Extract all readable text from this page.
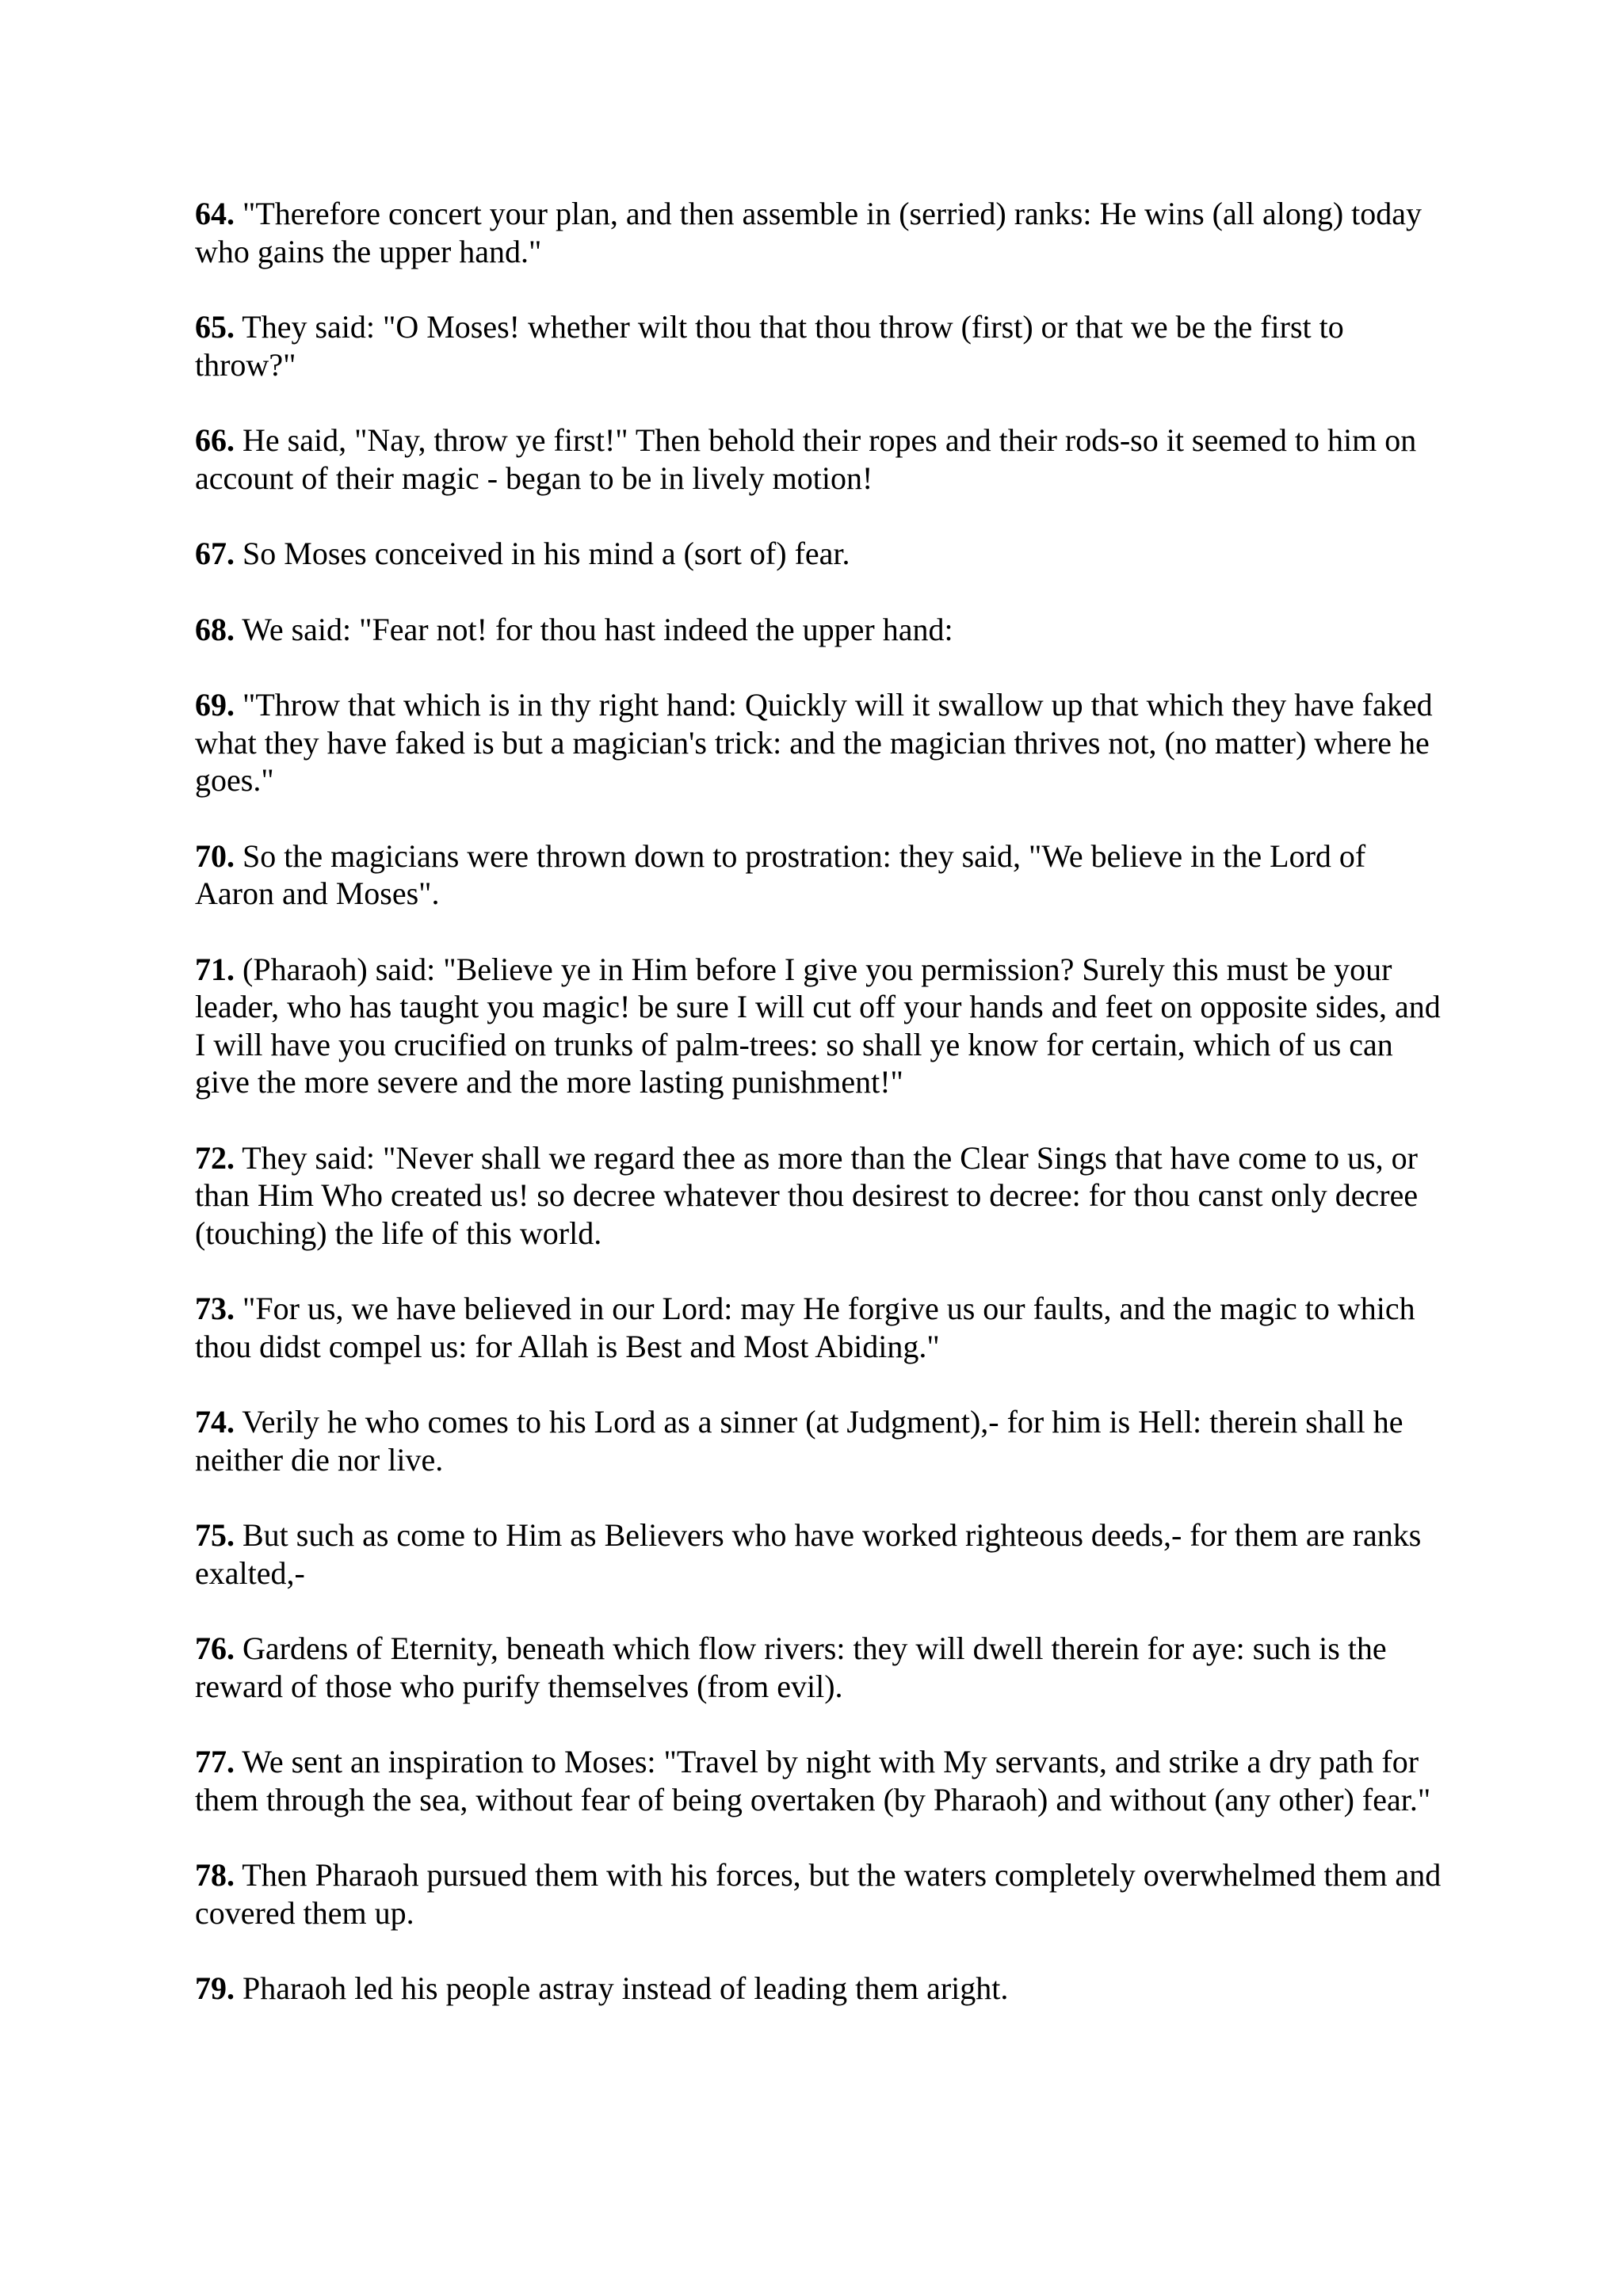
64. "Therefore concert your plan, and then assemble in (serried) ranks: He wins (all along) today who gains the upper hand."

65. They said: "O Moses! whether wilt thou that thou throw (first) or that we be the first to throw?"

66. He said, "Nay, throw ye first!" Then behold their ropes and their rods-so it seemed to him on account of their magic - began to be in lively motion!

67. So Moses conceived in his mind a (sort of) fear.

68. We said: "Fear not! for thou hast indeed the upper hand:

69. "Throw that which is in thy right hand: Quickly will it swallow up that which they have faked what they have faked is but a magician's trick: and the magician thrives not, (no matter) where he goes."

70. So the magicians were thrown down to prostration: they said, "We believe in the Lord of Aaron and Moses".

71. (Pharaoh) said: "Believe ye in Him before I give you permission? Surely this must be your leader, who has taught you magic! be sure I will cut off your hands and feet on opposite sides, and I will have you crucified on trunks of palm-trees: so shall ye know for certain, which of us can give the more severe and the more lasting punishment!"

72. They said: "Never shall we regard thee as more than the Clear Sings that have come to us, or than Him Who created us! so decree whatever thou desirest to decree: for thou canst only decree (touching) the life of this world.

73. "For us, we have believed in our Lord: may He forgive us our faults, and the magic to which thou didst compel us: for Allah is Best and Most Abiding."

74. Verily he who comes to his Lord as a sinner (at Judgment),- for him is Hell: therein shall he neither die nor live.

75. But such as come to Him as Believers who have worked righteous deeds,- for them are ranks exalted,-

76. Gardens of Eternity, beneath which flow rivers: they will dwell therein for aye: such is the reward of those who purify themselves (from evil).

77. We sent an inspiration to Moses: "Travel by night with My servants, and strike a dry path for them through the sea, without fear of being overtaken (by Pharaoh) and without (any other) fear."

78. Then Pharaoh pursued them with his forces, but the waters completely overwhelmed them and covered them up.

79. Pharaoh led his people astray instead of leading them aright.
